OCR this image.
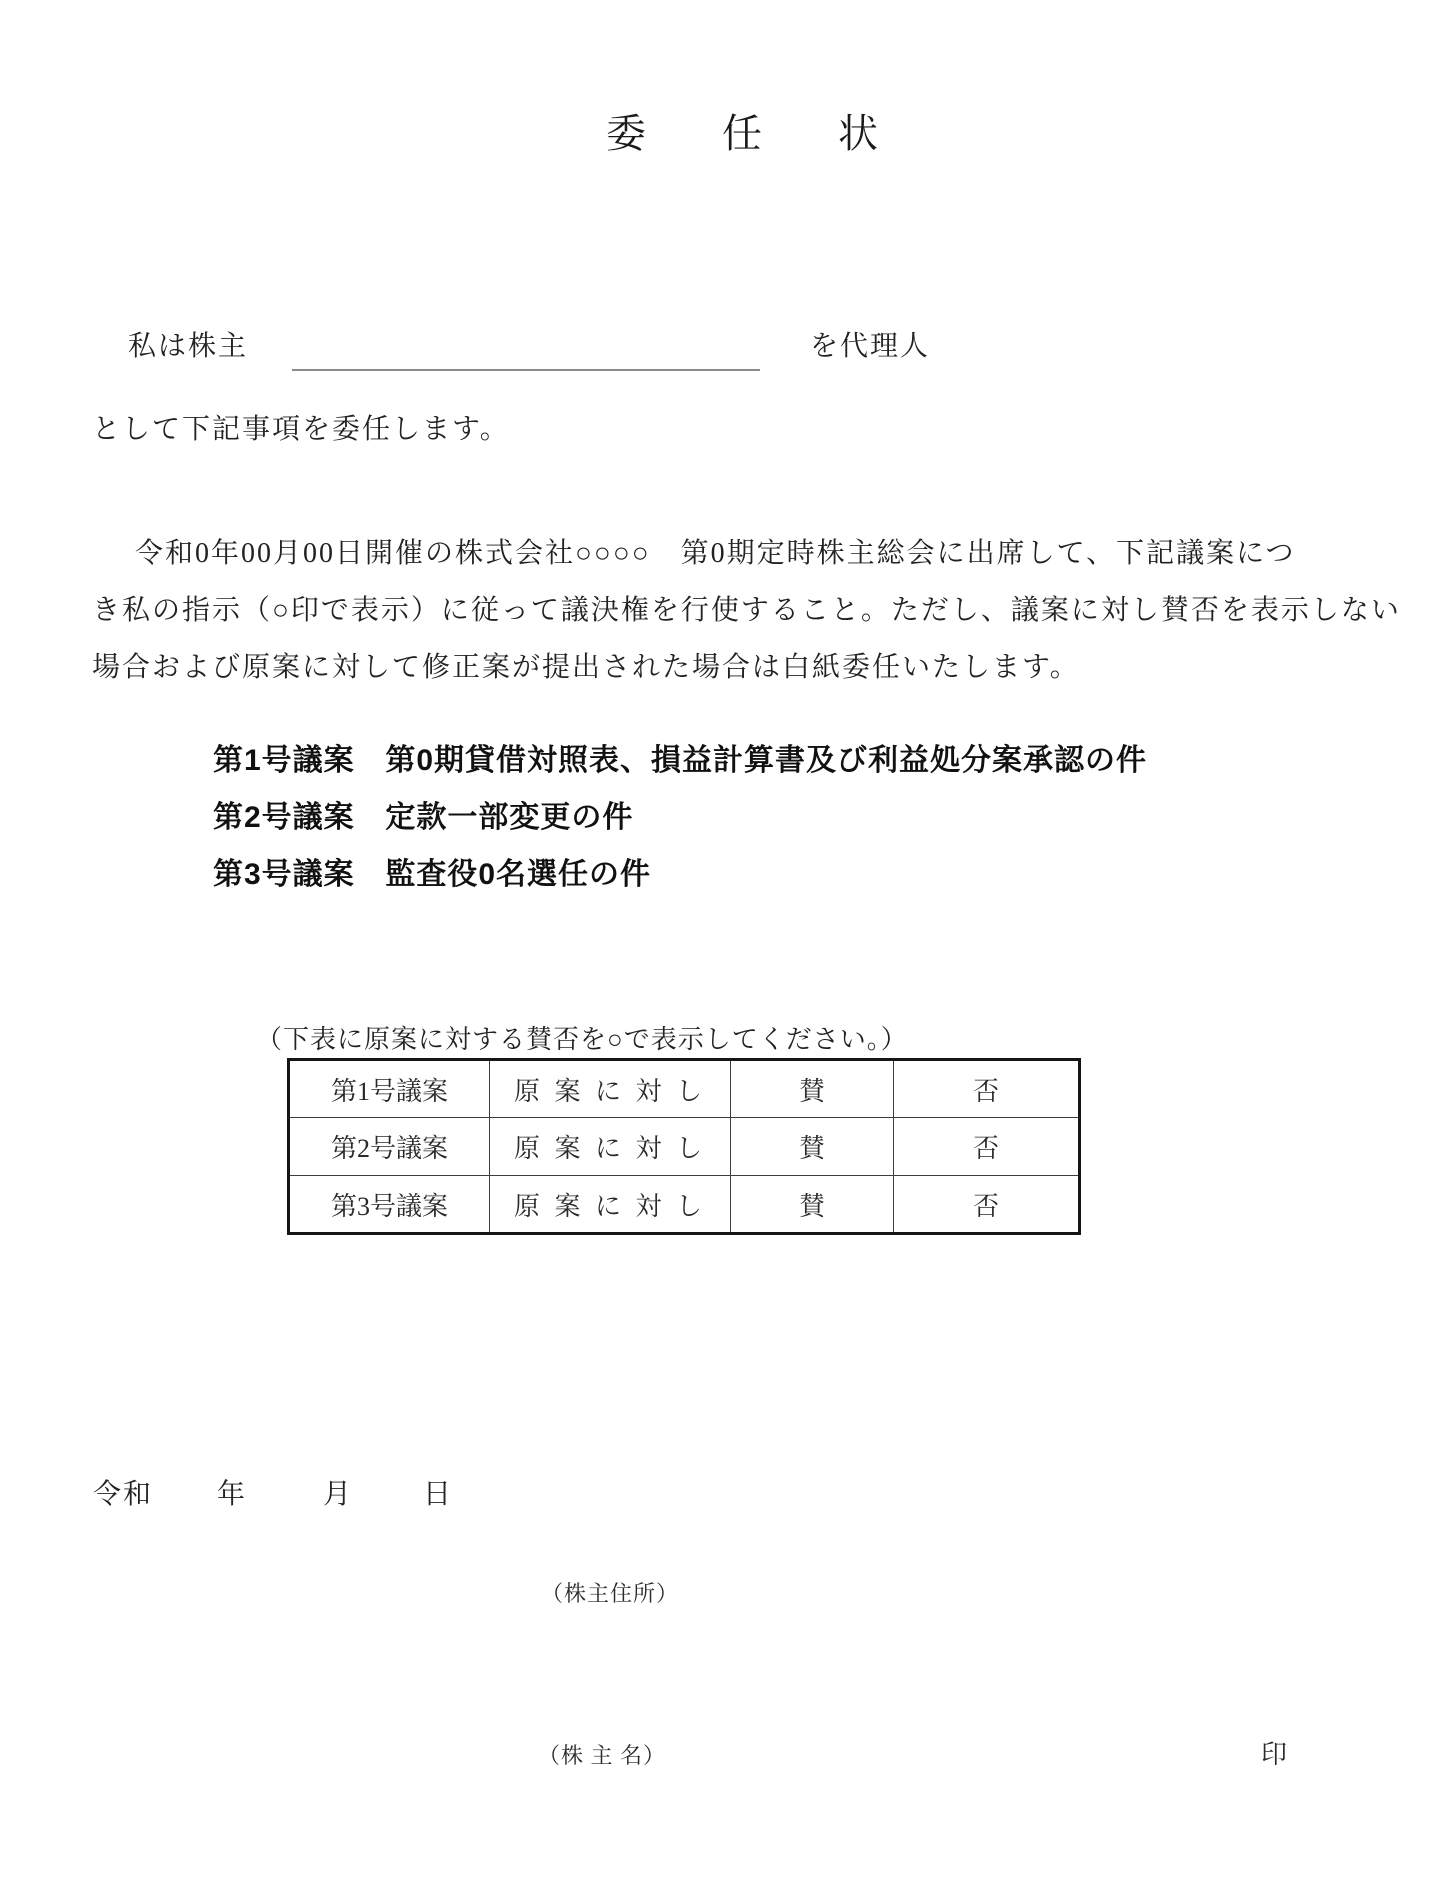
委　任　状
私は株主	を代理人
として下記事項を委任します。
令和0年00月00日開催の株式会社○○○○　第0期定時株主総会に出席して、下記議案につ
き私の指示（○印で表示）に従って議決権を行使すること。ただし、議案に対し賛否を表示しない
場合および原案に対して修正案が提出された場合は白紙委任いたします。
第1号議案 第0期貸借対照表、損益計算書及び利益処分案承認の件
第2号議案 定款一部変更の件
第3号議案 監査役0名選任の件
（下表に原案に対する賛否を○で表示してください。）
第1号議案	原 案 に 対 し	賛	否
第2号議案	原 案 に 対 し	賛	否
第3号議案	原 案 に 対 し	賛	否
令和 年	月 日
（株主住所）
（株 主 名）	印
